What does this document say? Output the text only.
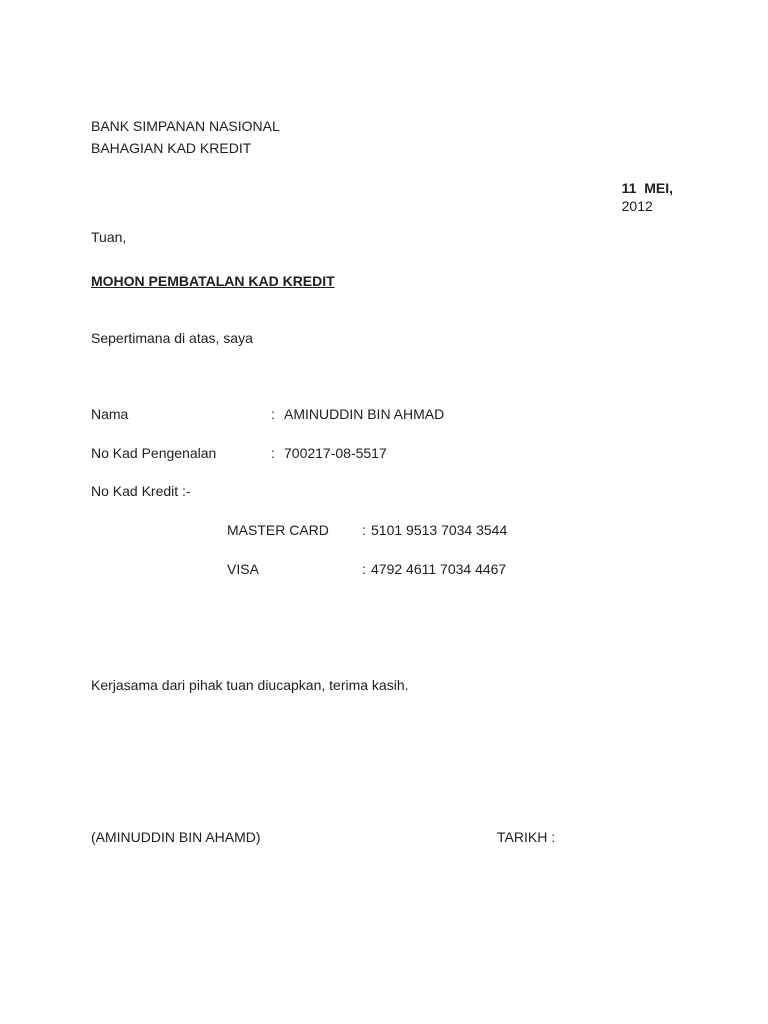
BANK SIMPANAN NASIONAL
BAHAGIAN KAD KREDIT

11  MEI,
2012

Tuan,
MOHON PEMBATALAN KAD KREDIT
Sepertimana di atas, saya
Nama	: AMINUDDIN BIN AHMAD
No Kad Pengenalan	: 700217-08-5517
No Kad Kredit :-
MASTER CARD : 5101 9513 7034 3544
VISA	: 4792 4611 7034 4467
Kerjasama dari pihak tuan diucapkan, terima kasih.
(AMINUDDIN BIN AHAMD)	TARIKH :
